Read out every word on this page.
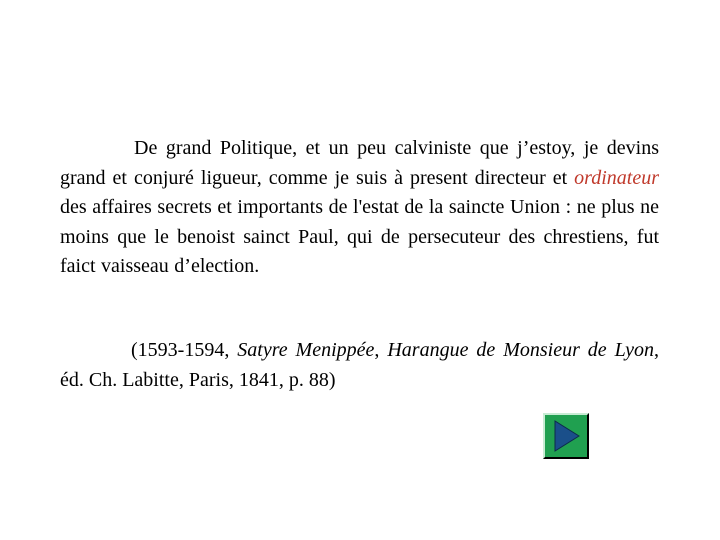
De grand Politique, et un peu calviniste que j’estoy, je devins grand et conjuré ligueur, comme je suis à present directeur et ordinateur des affaires secrets et importants de l'estat de la saincte Union : ne plus ne moins que le benoist sainct Paul, qui de persecuteur des chrestiens, fut faict vaisseau d’election.

(1593-1594, Satyre Menippée, Harangue de Monsieur de Lyon, éd. Ch. Labitte, Paris, 1841, p. 88)
